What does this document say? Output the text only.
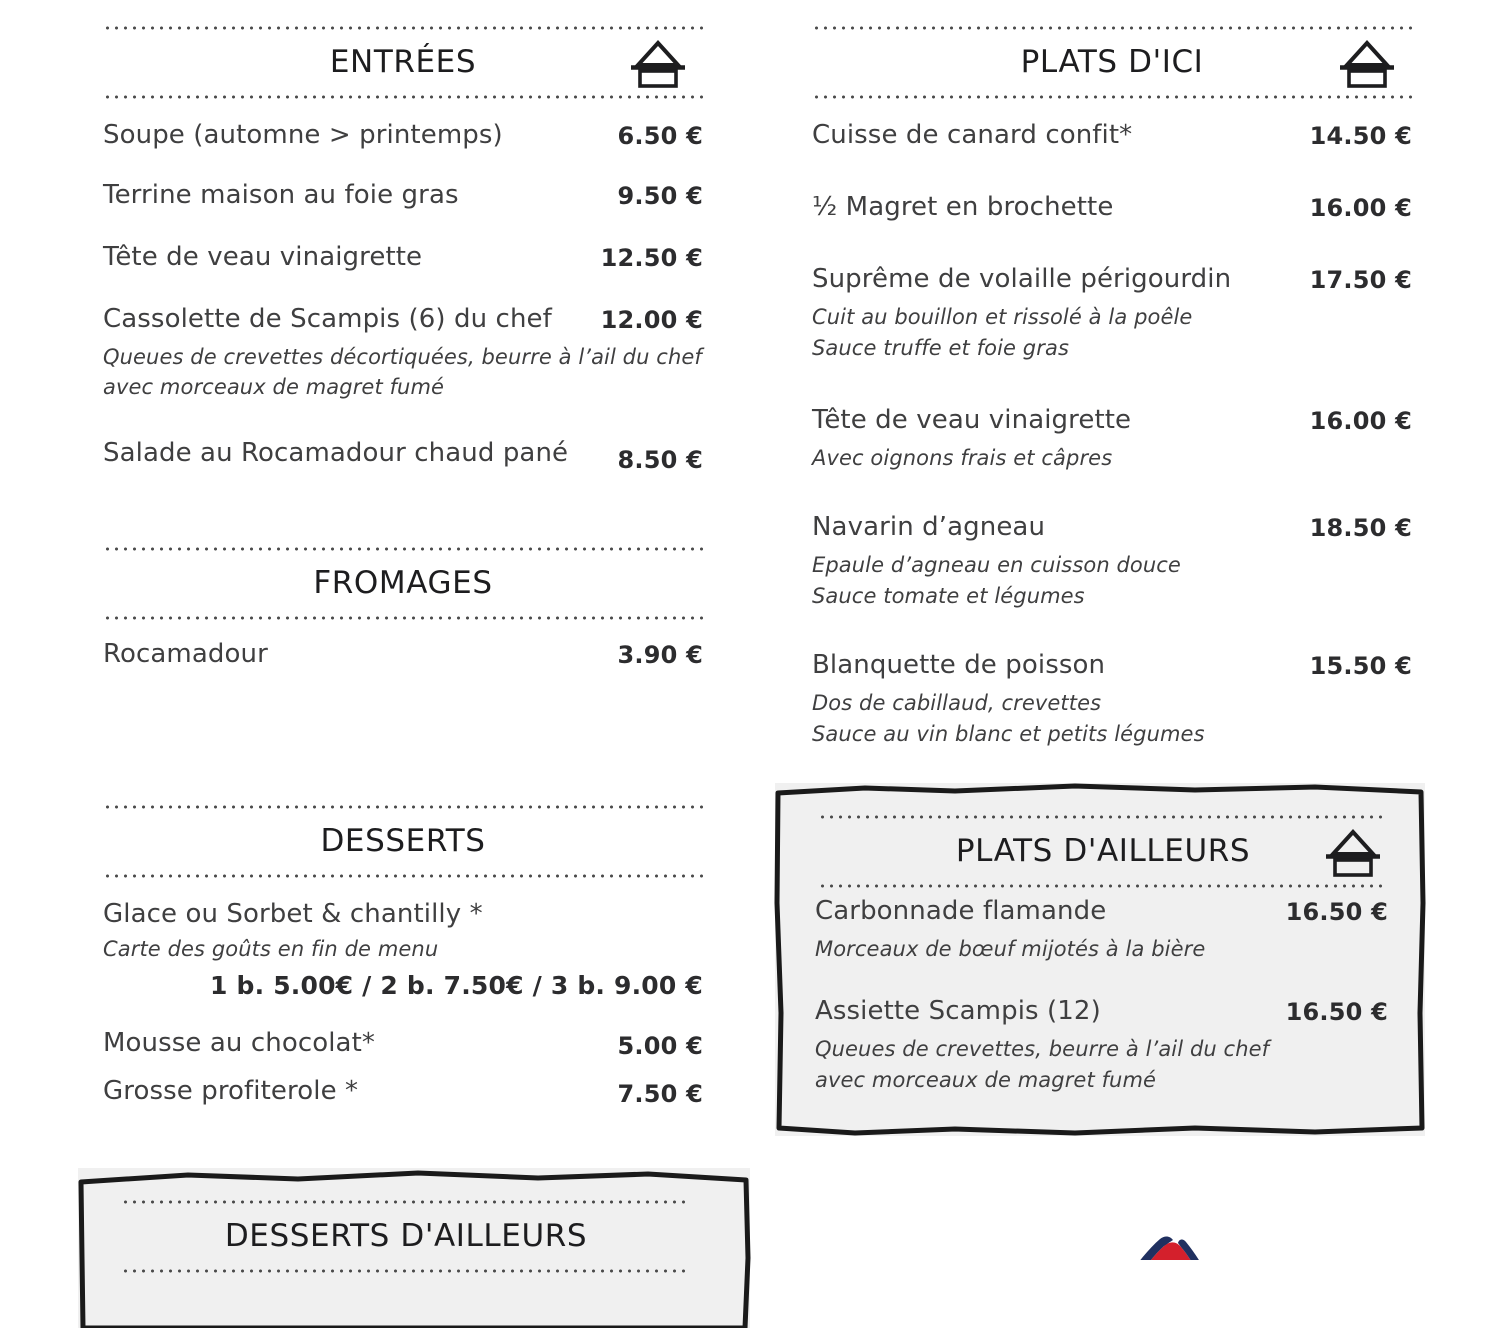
ENTRÉES
Soupe (automne > printemps)	6.50 €
Terrine maison au foie gras	9.50 €
Tête de veau vinaigrette	12.50 €
Cassolette de Scampis (6) du chef 12.00 €
Queues de crevettes décortiquées, beurre à l’ail du chef
avec morceaux de magret fumé
Salade au Rocamadour chaud pané 8.50 €
FROMAGES
Rocamadour	3.90 €
DESSERTS
Glace ou Sorbet & chantilly *
Carte des goûts en fin de menu
1 b. 5.00€ / 2 b. 7.50€ / 3 b. 9.00 €
Mousse au chocolat*	5.00 €
Grosse profiterole *	7.50 €
PLATS D'ICI
Cuisse de canard confit*	14.50 €
½ Magret en brochette	16.00 €
Suprême de volaille périgourdin	17.50 €
Cuit au bouillon et rissolé à la poêle
Sauce truffe et foie gras
Tête de veau vinaigrette	16.00 €
Avec oignons frais et câpres
Navarin d’agneau	18.50 €
Epaule d’agneau en cuisson douce
Sauce tomate et légumes
Blanquette de poisson	15.50 €
Dos de cabillaud, crevettes
Sauce au vin blanc et petits légumes
PLATS D'AILLEURS
Carbonnade flamande	16.50 €
Morceaux de bœuf mijotés à la bière
Assiette Scampis (12)	16.50 €
Queues de crevettes, beurre à l’ail du chef
avec morceaux de magret fumé
DESSERTS D'AILLEURS
